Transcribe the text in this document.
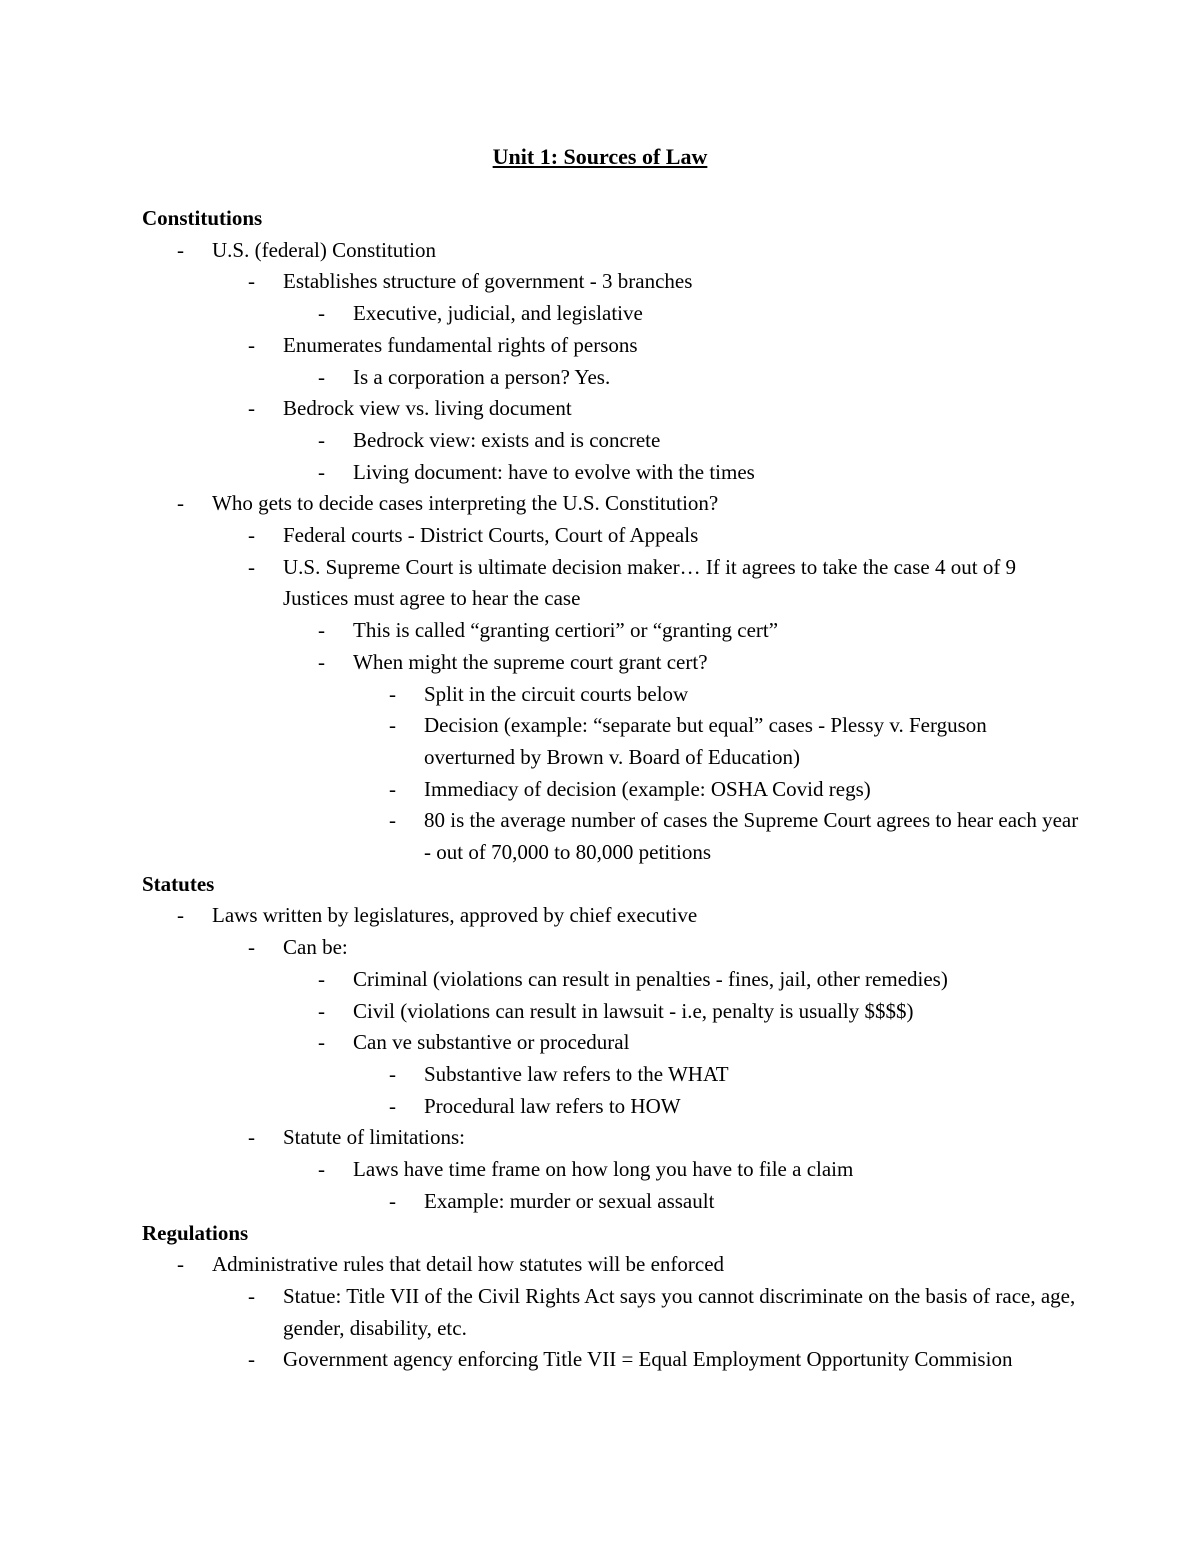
Unit 1: Sources of Law
Constitutions
- U.S. (federal) Constitution
- Establishes structure of government - 3 branches
- Executive, judicial, and legislative
- Enumerates fundamental rights of persons
- Is a corporation a person? Yes.
- Bedrock view vs. living document
- Bedrock view: exists and is concrete
- Living document: have to evolve with the times
- Who gets to decide cases interpreting the U.S. Constitution?
- Federal courts - District Courts, Court of Appeals
- U.S. Supreme Court is ultimate decision maker… If it agrees to take the case 4 out of 9 Justices must agree to hear the case
- This is called “granting certiori” or “granting cert”
- When might the supreme court grant cert?
- Split in the circuit courts below
- Decision (example: “separate but equal” cases - Plessy v. Ferguson overturned by Brown v. Board of Education)
- Immediacy of decision (example: OSHA Covid regs)
- 80 is the average number of cases the Supreme Court agrees to hear each year - out of 70,000 to 80,000 petitions
Statutes
- Laws written by legislatures, approved by chief executive
- Can be:
- Criminal (violations can result in penalties - fines, jail, other remedies)
- Civil (violations can result in lawsuit - i.e, penalty is usually $$$$)
- Can ve substantive or procedural
- Substantive law refers to the WHAT
- Procedural law refers to HOW
- Statute of limitations:
- Laws have time frame on how long you have to file a claim
- Example: murder or sexual assault
Regulations
- Administrative rules that detail how statutes will be enforced
- Statue: Title VII of the Civil Rights Act says you cannot discriminate on the basis of race, age, gender, disability, etc.
- Government agency enforcing Title VII = Equal Employment Opportunity Commision
